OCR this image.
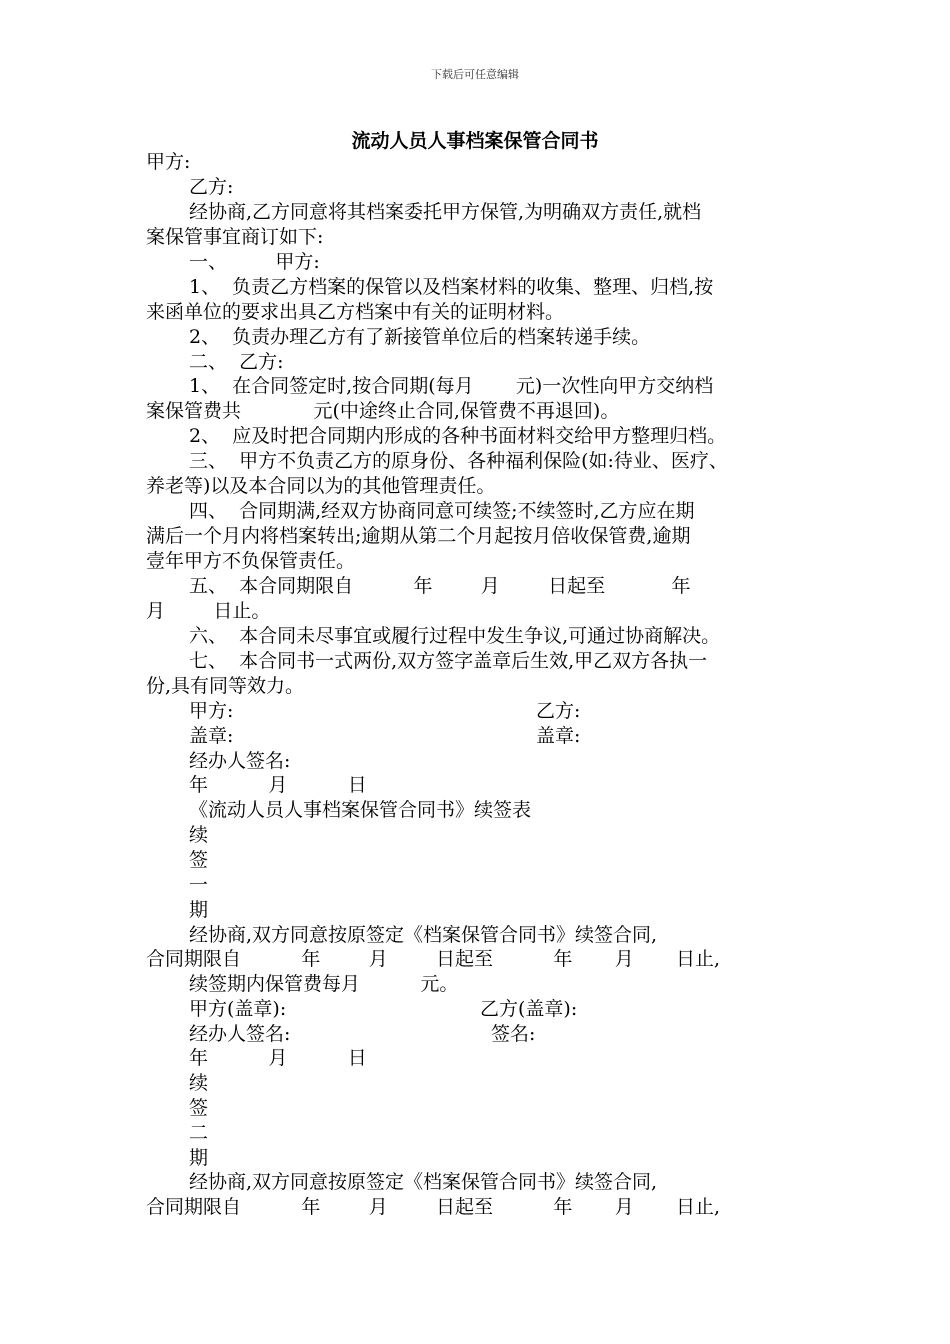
下载后可任意编辑
流动人员人事档案保管合同书
甲方:
乙方:
经协商,乙方同意将其档案委托甲方保管,为明确双方责任,就档
案保管事宜商订如下:
一、        甲方:
1、  负责乙方档案的保管以及档案材料的收集、整理、归档,按
来函单位的要求出具乙方档案中有关的证明材料。
2、  负责办理乙方有了新接管单位后的档案转递手续。
二、  乙方:
1、  在合同签定时,按合同期(每月       元)一次性向甲方交纳档
案保管费共            元(中途终止合同,保管费不再退回)。
2、  应及时把合同期内形成的各种书面材料交给甲方整理归档。
三、  甲方不负责乙方的原身份、各种福利保险(如:待业、医疗、
养老等)以及本合同以为的其他管理责任。
四、  合同期满,经双方协商同意可续签;不续签时,乙方应在期
满后一个月内将档案转出;逾期从第二个月起按月倍收保管费,逾期
壹年甲方不负保管责任。
五、  本合同期限自          年        月        日起至           年
月        日止。
六、  本合同未尽事宜或履行过程中发生争议,可通过协商解决。
七、  本合同书一式两份,双方签字盖章后生效,甲乙双方各执一
份,具有同等效力。
甲方:	乙方:
盖章:	盖章:
经办人签名:
年          月          日
《流动人员人事档案保管合同书》续签表
续
签
一
期
经协商,双方同意按原签定《档案保管合同书》续签合同,
合同期限自          年        月        日起至          年       月       日止,
续签期内保管费每月          元。
甲方(盖章):	乙方(盖章):
经办人签名:	签名:
年          月          日
续
签
二
期
经协商,双方同意按原签定《档案保管合同书》续签合同,
合同期限自          年        月        日起至          年       月       日止,
